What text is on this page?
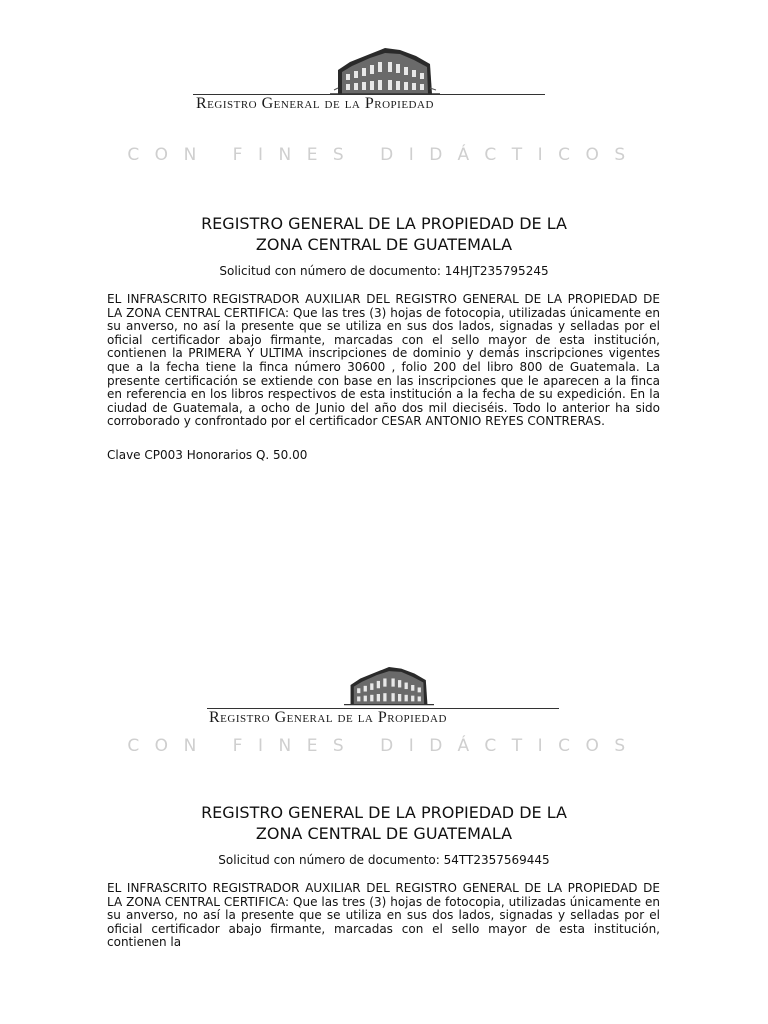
Registro General de la Propiedad
CON FINES DIDÁCTICOS
REGISTRO GENERAL DE LA PROPIEDAD DE LA
ZONA CENTRAL DE GUATEMALA
Solicitud con número de documento: 14HJT235795245

EL INFRASCRITO REGISTRADOR AUXILIAR DEL REGISTRO GENERAL DE LA PROPIEDAD DE LA ZONA CENTRAL CERTIFICA: Que las tres (3) hojas de fotocopia, utilizadas únicamente en su anverso, no así la presente que se utiliza en sus dos lados, signadas y selladas por el oficial certificador abajo firmante, marcadas con el sello mayor de esta institución, contienen la PRIMERA Y ULTIMA inscripciones de dominio y demás inscripciones vigentes que a la fecha tiene la finca número 30600 , folio 200 del libro 800 de Guatemala. La presente certificación se extiende con base en las inscripciones que le aparecen a la finca en referencia en los libros respectivos de esta institución a la fecha de su expedición. En la ciudad de Guatemala, a ocho de Junio del año dos mil dieciséis. Todo lo anterior ha sido corroborado y confrontado por el certificador CESAR ANTONIO REYES CONTRERAS.

Clave CP003 Honorarios Q. 50.00
Registro General de la Propiedad
CON FINES DIDÁCTICOS
REGISTRO GENERAL DE LA PROPIEDAD DE LA
ZONA CENTRAL DE GUATEMALA
Solicitud con número de documento: 54TT2357569445

EL INFRASCRITO REGISTRADOR AUXILIAR DEL REGISTRO GENERAL DE LA PROPIEDAD DE LA ZONA CENTRAL CERTIFICA: Que las tres (3) hojas de fotocopia, utilizadas únicamente en su anverso, no así la presente que se utiliza en sus dos lados, signadas y selladas por el oficial certificador abajo firmante, marcadas con el sello mayor de esta institución, contienen la
